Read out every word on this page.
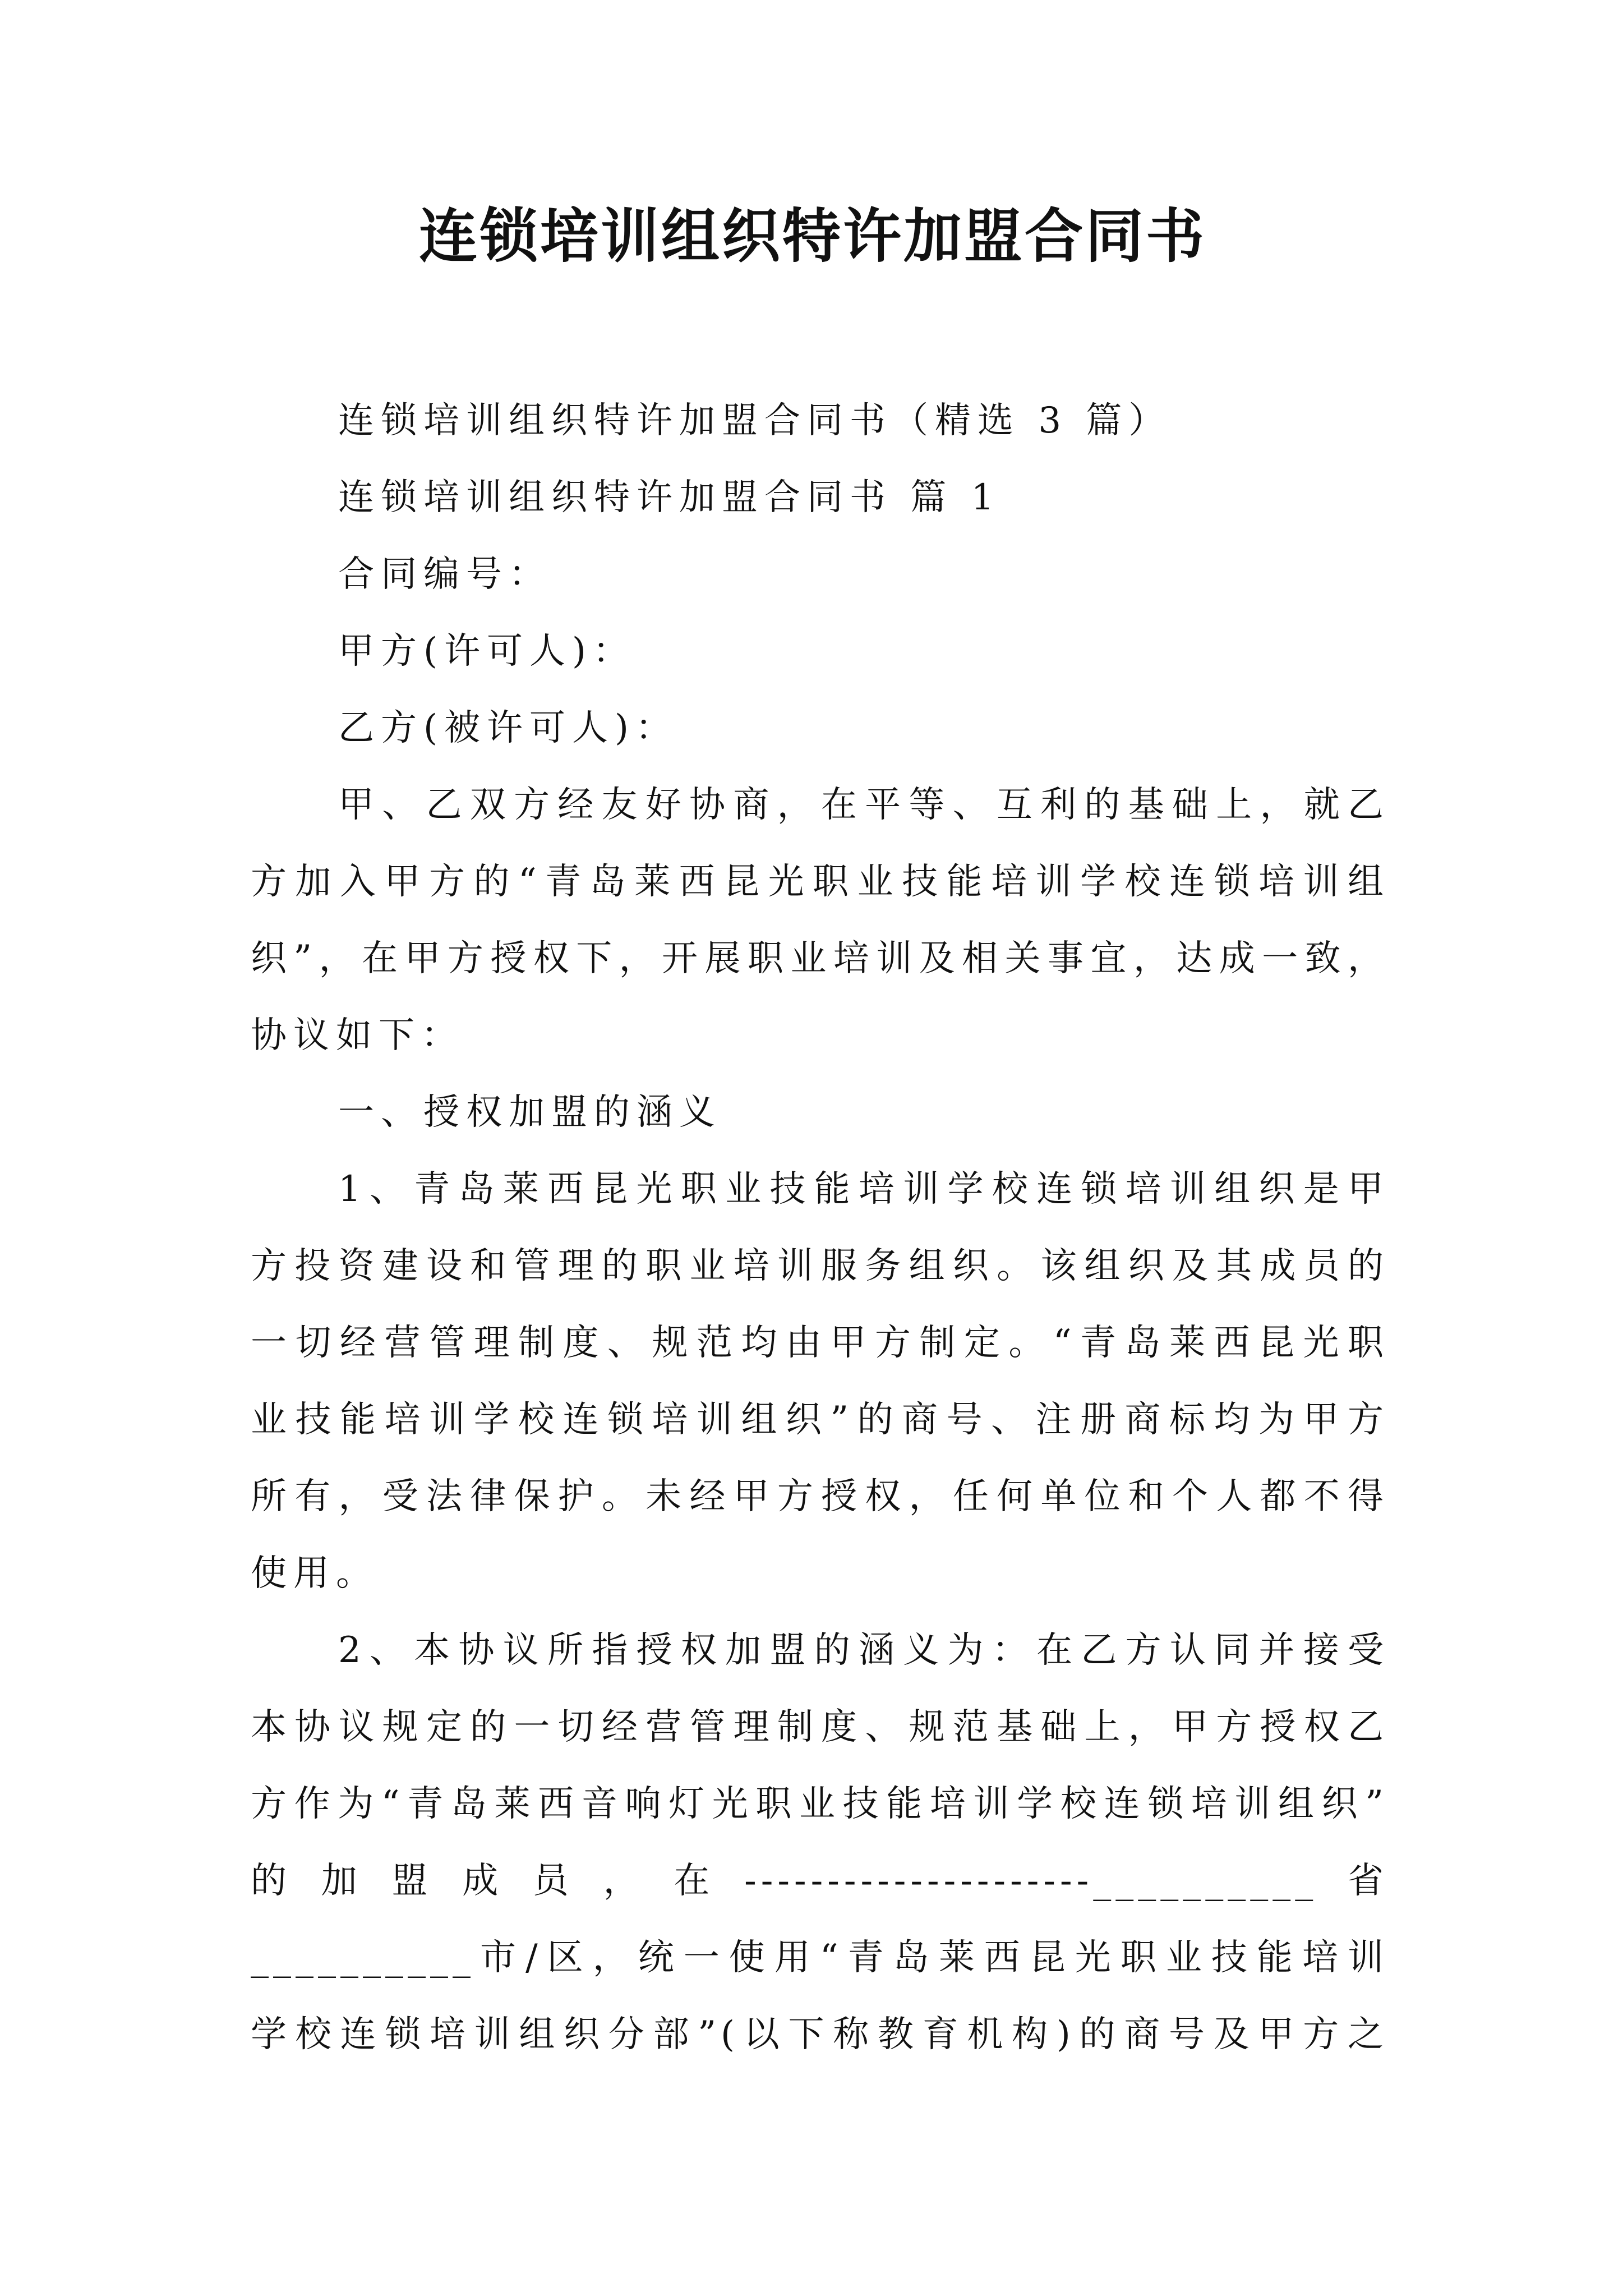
连锁培训组织特许加盟合同书
连锁培训组织特许加盟合同书（精选 3 篇）
连锁培训组织特许加盟合同书 篇 1
合同编号：
甲方(许可人)：
乙方(被许可人)：
甲、乙双方经友好协商，在平等、互利的基础上，就乙
方加入甲方的“青岛莱西昆光职业技能培训学校连锁培训组
织”，在甲方授权下，开展职业培训及相关事宜，达成一致，
协议如下：
一、授权加盟的涵义
1、青岛莱西昆光职业技能培训学校连锁培训组织是甲
方投资建设和管理的职业培训服务组织。该组织及其成员的
一切经营管理制度、规范均由甲方制定。“青岛莱西昆光职
业技能培训学校连锁培训组织”的商号、注册商标均为甲方
所有，受法律保护。未经甲方授权，任何单位和个人都不得
使用。
2、本协议所指授权加盟的涵义为：在乙方认同并接受
本协议规定的一切经营管理制度、规范基础上，甲方授权乙
方作为“青岛莱西音响灯光职业技能培训学校连锁培训组织”
的加盟成员，在---------------------__________省
__________市/区，统一使用“青岛莱西昆光职业技能培训
学校连锁培训组织分部”(以下称教育机构)的商号及甲方之
